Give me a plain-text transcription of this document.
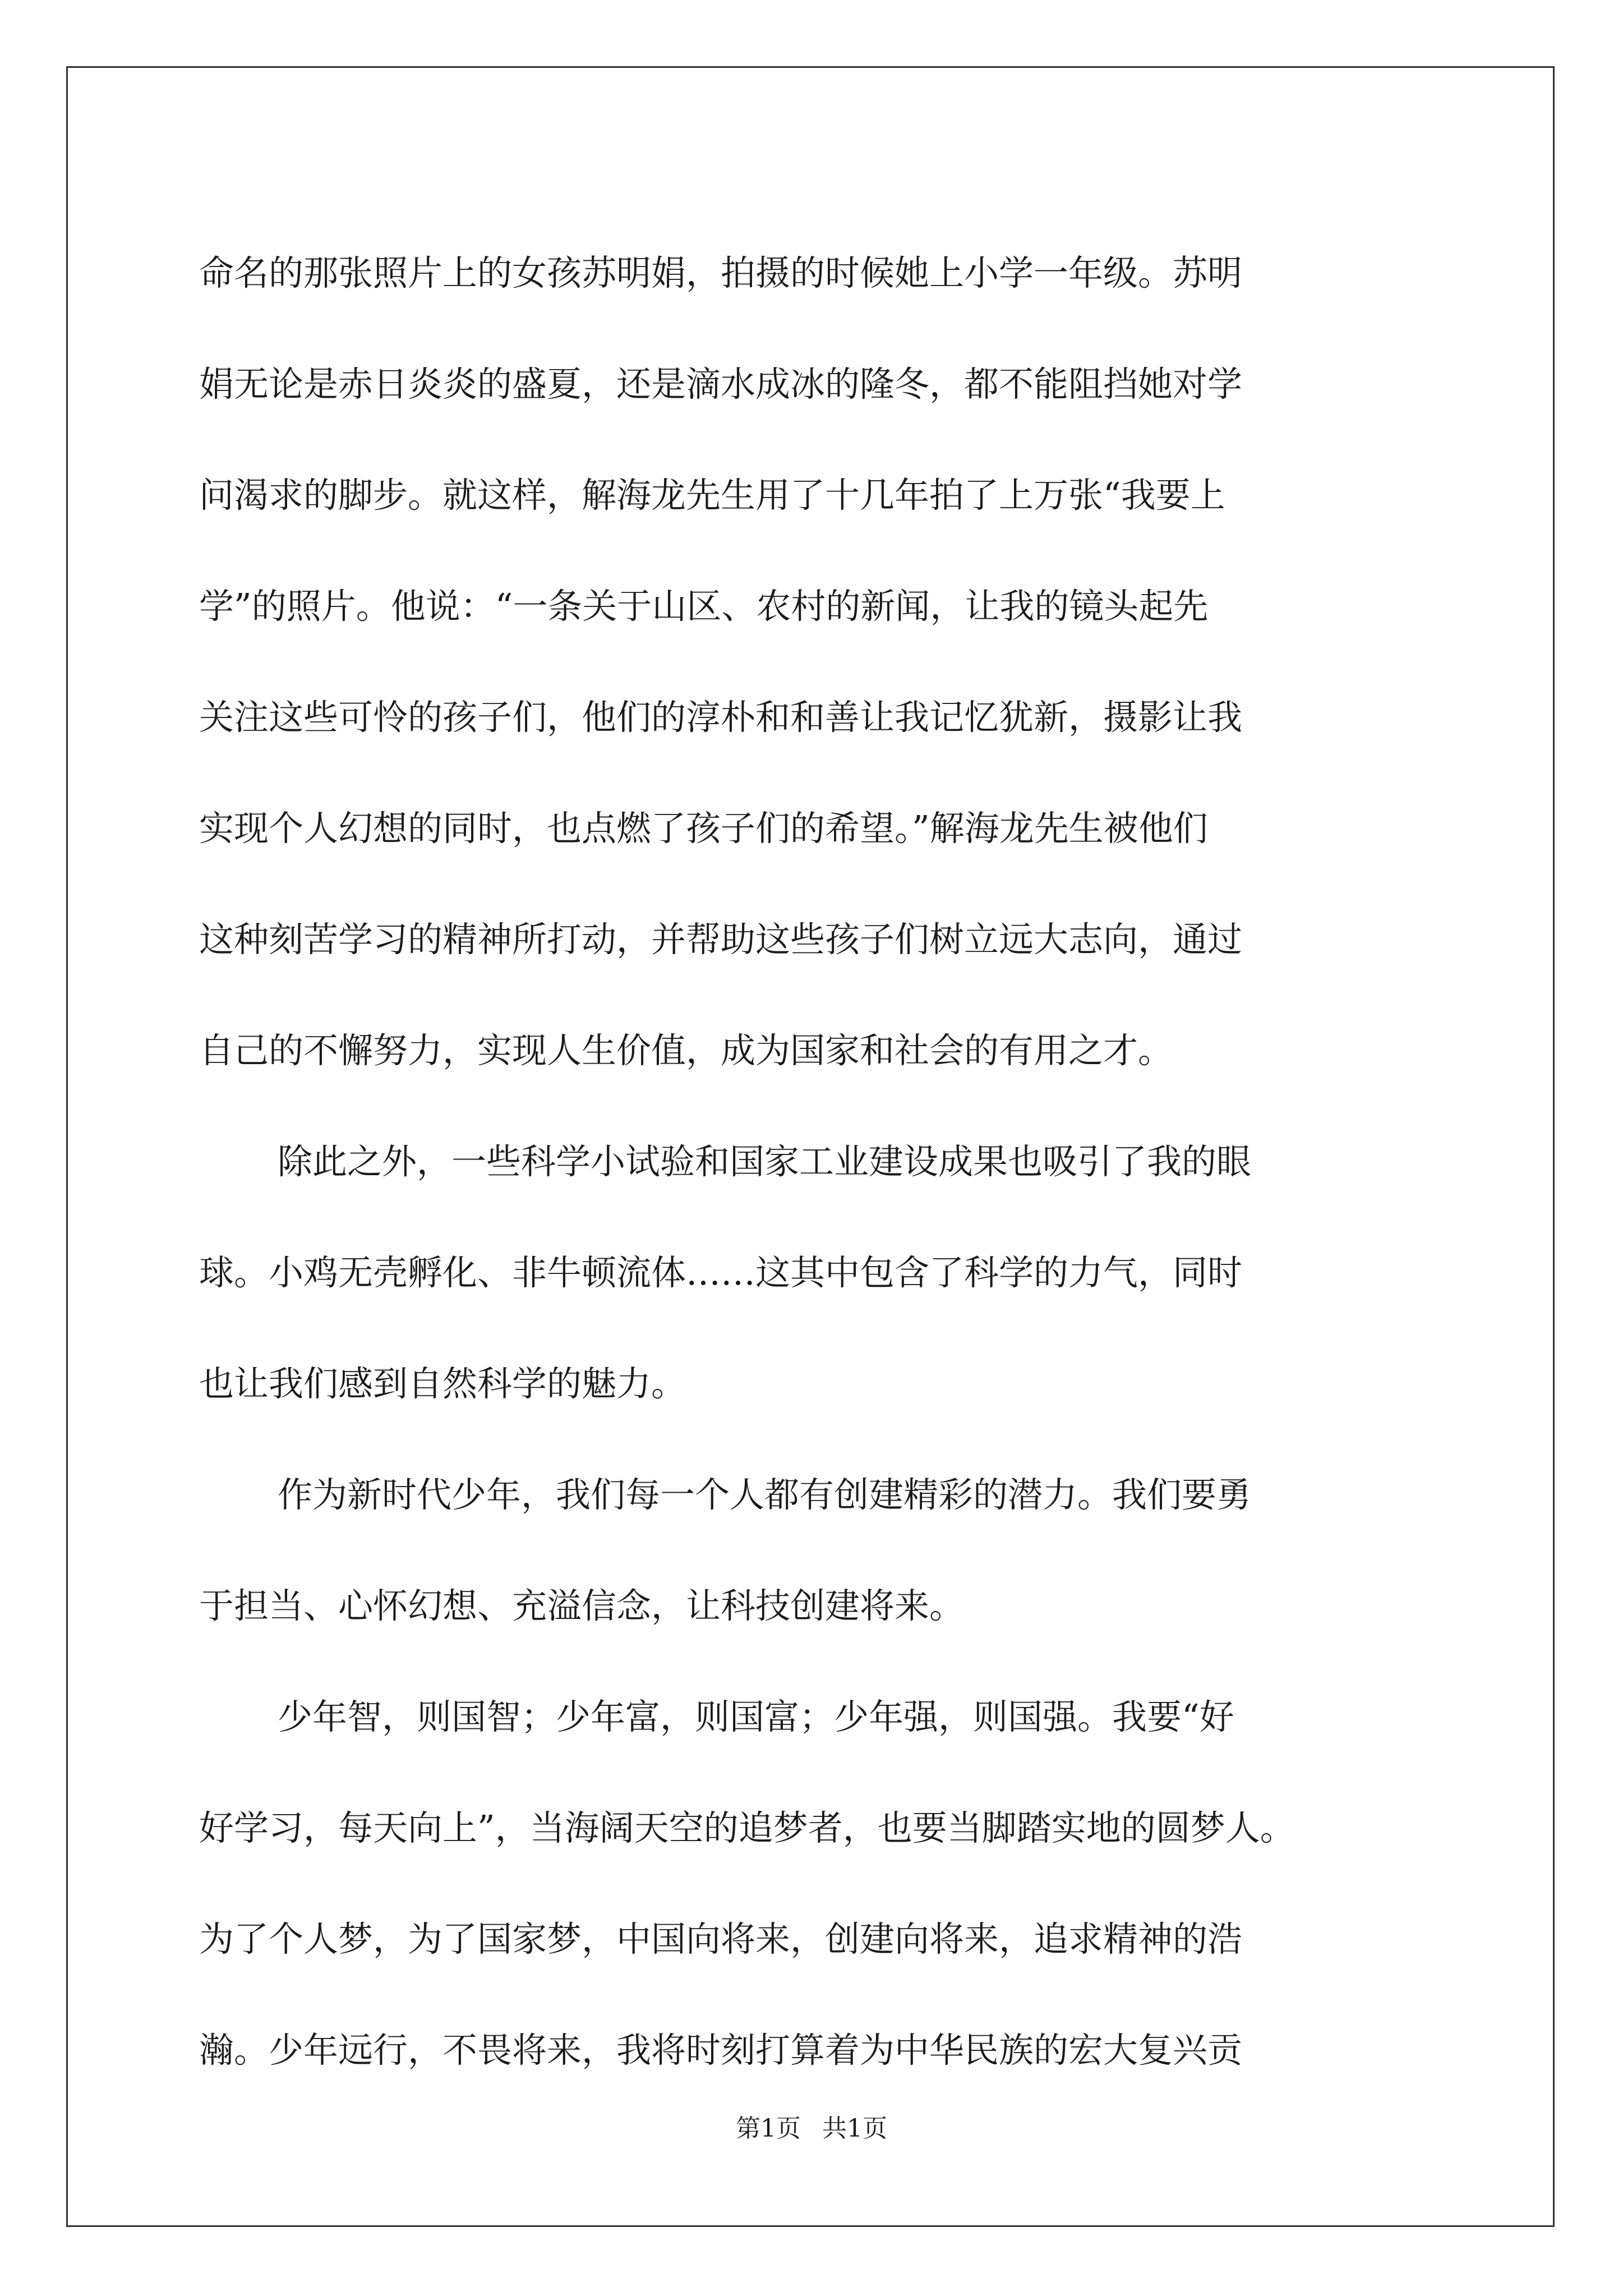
命名的那张照片上的女孩苏明娟，拍摄的时候她上小学一年级。苏明
娟无论是赤日炎炎的盛夏，还是滴水成冰的隆冬，都不能阻挡她对学
问渴求的脚步。就这样，解海龙先生用了十几年拍了上万张“我要上
学”的照片。他说：“一条关于山区、农村的新闻，让我的镜头起先
关注这些可怜的孩子们，他们的淳朴和和善让我记忆犹新，摄影让我
实现个人幻想的同时，也点燃了孩子们的希望。”解海龙先生被他们
这种刻苦学习的精神所打动，并帮助这些孩子们树立远大志向，通过
自己的不懈努力，实现人生价值，成为国家和社会的有用之才。
除此之外，一些科学小试验和国家工业建设成果也吸引了我的眼
球。小鸡无壳孵化、非牛顿流体……这其中包含了科学的力气，同时
也让我们感到自然科学的魅力。
作为新时代少年，我们每一个人都有创建精彩的潜力。我们要勇
于担当、心怀幻想、充溢信念，让科技创建将来。
少年智，则国智；少年富，则国富；少年强，则国强。我要“好
好学习，每天向上”，当海阔天空的追梦者，也要当脚踏实地的圆梦人。
为了个人梦，为了国家梦，中国向将来，创建向将来，追求精神的浩
瀚。少年远行，不畏将来，我将时刻打算着为中华民族的宏大复兴贡
第1页 共1页
